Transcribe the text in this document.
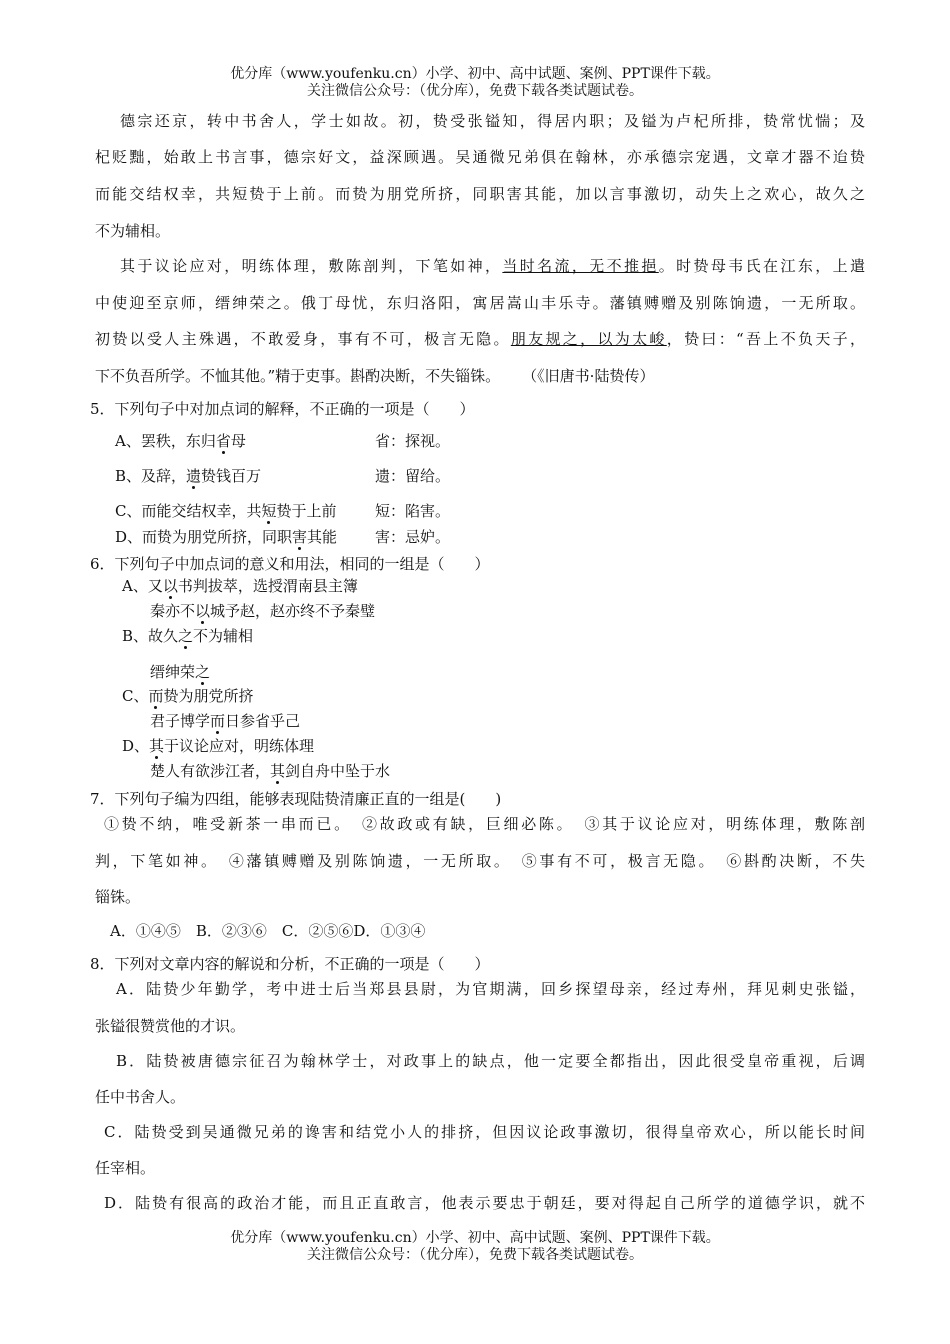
优分库（www.youfenku.cn）小学、初中、高中试题、案例、PPT课件下载。
关注微信公众号：（优分库），免费下载各类试题试卷。
德宗还京，转中书舍人，学士如故。初，贽受张镒知，得居内职；及镒为卢杞所排，贽常忧惴；及
杞贬黜，始敢上书言事，德宗好文，益深顾遇。吴通微兄弟俱在翰林，亦承德宗宠遇，文章才器不迨贽
而能交结权幸，共短贽于上前。而贽为朋党所挤，同职害其能，加以言事激切，动失上之欢心，故久之
不为辅相。
其于议论应对，明练体理，敷陈剖判，下笔如神，当时名流，无不推挹。时贽母韦氏在江东，上遣
中使迎至京师，缙绅荣之。俄丁母忧，东归洛阳，寓居嵩山丰乐寺。藩镇赙赠及别陈饷遗，一无所取。
初贽以受人主殊遇，不敢爱身，事有不可，极言无隐。朋友规之，以为太峻，贽曰：“吾上不负天子，
下不负吾所学。不恤其他。”精于吏事。斟酌决断，不失锱铢。 （《旧唐书·陆贽传）
5．下列句子中对加点词的解释，不正确的一项是（　　）
A、罢秩，东归省母	省：探视。
B、及辞，遗贽钱百万	遗：留给。
C、而能交结权幸，共短贽于上前	短：陷害。
D、而贽为朋党所挤，同职害其能	害：忌妒。
6．下列句子中加点词的意义和用法，相同的一组是（　　）
A、又以书判拔萃，选授渭南县主簿
秦亦不以城予赵，赵亦终不予秦璧
B、故久之不为辅相
缙绅荣之
C、而贽为朋党所挤
君子博学而日参省乎己
D、其于议论应对，明练体理
楚人有欲涉江者，其剑自舟中坠于水
7．下列句子编为四组，能够表现陆贽清廉正直的一组是(　　)
①贽不纳，唯受新茶一串而已。　②故政或有缺，巨细必陈。　③其于议论应对，明练体理，敷陈剖
判，下笔如神。　④藩镇赙赠及别陈饷遗，一无所取。　⑤事有不可，极言无隐。　⑥斟酌决断，不失
锱铢。
A．①④⑤　B．②③⑥　C．②⑤⑥D．①③④
8．下列对文章内容的解说和分析，不正确的一项是（　　）
A．陆贽少年勤学，考中进士后当郑县县尉，为官期满，回乡探望母亲，经过寿州，拜见刺史张镒，
张镒很赞赏他的才识。
B．陆贽被唐德宗征召为翰林学士，对政事上的缺点，他一定要全都指出，因此很受皇帝重视，后调
任中书舍人。
C．陆贽受到吴通微兄弟的谗害和结党小人的排挤，但因议论政事激切，很得皇帝欢心，所以能长时间
任宰相。
D．陆贽有很高的政治才能，而且正直敢言，他表示要忠于朝廷，要对得起自己所学的道德学识，就不
优分库（www.youfenku.cn）小学、初中、高中试题、案例、PPT课件下载。
关注微信公众号：（优分库），免费下载各类试题试卷。
